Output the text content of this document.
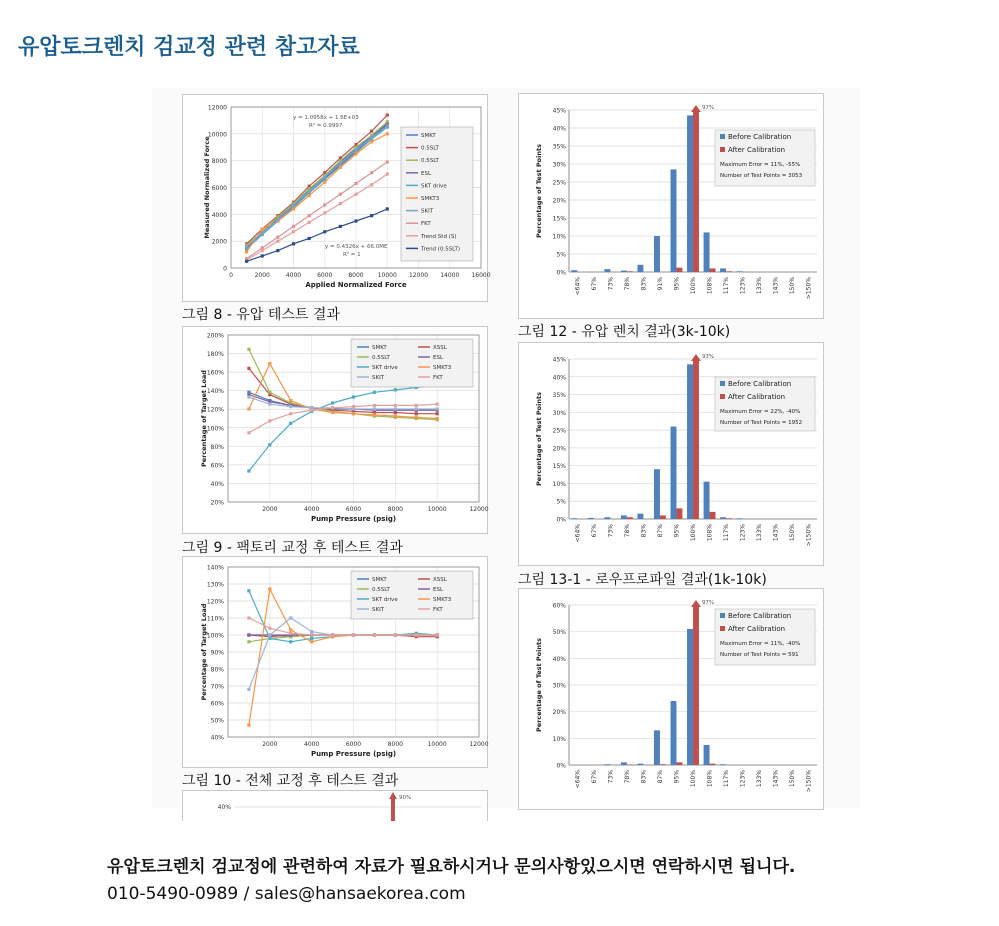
유압토크렌치 검교정 관련 참고자료
0
2000
4000
6000
8000
10000
12000
0	2000	4000	6000	8000 10000 12000 14000 16000
Applied Normalized Force
Measured Normalized Force
SMKT
0.5SLT
0.5SLT
ESL
SKT drive
SMKT3
SKIT
FKT
Trend Std (S)
Trend (0.5SLT)
y = 1.0958x + 1.6E+03
R² = 0.9997
y = 0.4326x + 66.0ME
R² = 1
그림 8 - 유압 테스트 결과
20%
40%
60%
80%
100%
120%
140%
160%
180%
200%
2000	4000	6000	8000	10000	12000
Pump Pressure (psig)
Percentage of Target Load
SMKT	XSSL
0.5SLT	ESL
SKT drive	SMKT3
SKIT	FKT
그림 9 - 팩토리 교정 후 테스트 결과
40%
50%
60%
70%
80%
90%
100%
110%
120%
130%
140%
2000	4000	6000	8000	10000	12000
Pump Pressure (psig)
Percentage of Target Load
SMKT	XSSL
0.5SLT	ESL
SKT drive	SMKT3
SKIT	FKT
그림 10 - 전체 교정 후 테스트 결과
40%
90%
0%
5%
10%
15%
20%
25%
30%
35%
40%
45%
<64% 67% 73% 78% 83% 91% 95% 100%
97%
108% 117% 123% 133% 143% 150% >150%
Percentage of Test Points
Before Calibration
After Calibration
Maximum Error = 11%, -55%
Number of Test Points = 3053
그림 12 - 유압 렌치 결과(3k-10k)
0%
5%
10%
15%
20%
25%
30%
35%
40%
45%
<64% 67% 73% 78% 83% 87% 95% 100%
93%
108% 117% 123% 133% 143% 150% >150%
Percentage of Test Points
Before Calibration
After Calibration
Maximum Error = 22%, -40%
Number of Test Points = 1952
그림 13-1 - 로우프로파일 결과(1k-10k)
0%
10%
20%
30%
40%
50%
60%
<64% 67% 73% 78% 83% 87% 95% 100%
97%
108% 117% 123% 133% 143% 150% >150%
Percentage of Test Points
Before Calibration
After Calibration
Maximum Error = 11%, -40%
Number of Test Points = 591
유압토크렌치 검교정에 관련하여 자료가 필요하시거나 문의사항있으시면 연락하시면 됩니다.
010-5490-0989 / sales@hansaekorea.com
